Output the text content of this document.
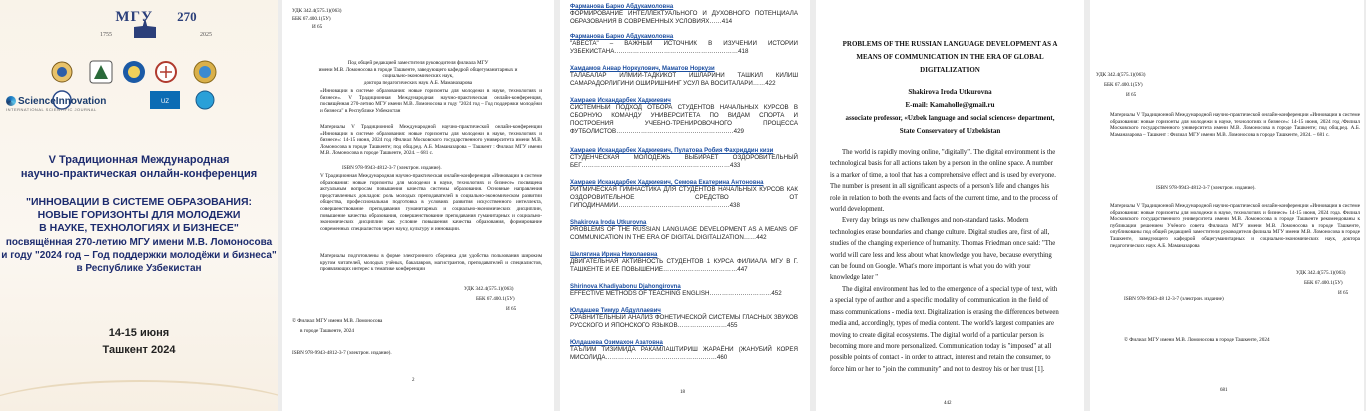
МГУ 270
1755	2025
UZ
ScienceInnovation
INTERNATIONAL SCIENTIFIC JOURNAL
V Традиционная Международная
научно-практическая онлайн-конференция
"ИННОВАЦИИ В СИСТЕМЕ ОБРАЗОВАНИЯ:
НОВЫЕ ГОРИЗОНТЫ ДЛЯ МОЛОДЕЖИ
В НАУКЕ, ТЕХНОЛОГИЯХ И БИЗНЕСЕ"
посвящённая 270-летию МГУ имени М.В. Ломоносова
и году "2024 год – Год поддержки молодёжи и бизнеса"
в Республике Узбекистан
14-15 июня
Ташкент 2024
УДК 342.4(575.1)(063)
ББК 67.400.1(5У)
И 65
Под общей редакцией заместителя руководителя филиала МГУ
имени М.В. Ломоносова в городе Ташкенте, заведующего кафедрой общегуманитарных и
социально-экономических наук,
доктора педагогических наук А.Б. Маманазарова
«Инновации в системе образования: новые горизонты для молодежи в науке, технологиях и бизнесе». V Традиционная Международная научно-практическая онлайн-конференция, посвящённая 270-летию МГУ имени М.В. Ломоносова и году "2024 год – Год поддержки молодёжи и бизнеса" в Республике Узбекистан
Материалы V Традиционной Международной научно-практической онлайн-конференции «Инновации в системе образования: новые горизонты для молодежи в науке, технологиях и бизнесе»: 14-15 июня, 2024 год /Филиал Московского государственного университета имени М.В. Ломоносова в городе Ташкенте; под общ.ред. А.Б. Маманазарова – Ташкент : Филиал МГУ имени М.В. Ломоносова в городе Ташкенте, 2024. – 681 с.
ISBN 978-9943-4812-3-7 (электрон. издание).
V Традиционная Международная научно-практическая онлайн-конференция «Инновации в системе образования: новые горизонты для молодежи в науке, технологиях и бизнесе» посвящена актуальным вопросам повышения качества системы образования. Основные направления представленных докладов: роль молодых преподавателей в социально-экономическом развитии общества, профессиональная подготовка в условиях развития искусственного интеллекта, совершенствование преподавания гуманитарных и социально-экономических дисциплин, повышение качества образования, совершенствование преподавания гуманитарных и социально-экономических дисциплин как условие повышения качества образования, формирование современных специалистов через науку, культуру и инновации.
Материалы подготовлены в форме электронного сборника для удобства пользования широким кругом читателей, молодых учёных, бакалавров, магистрантов, преподавателей и специалистов, проявляющих интерес к тематике конференции
УДК 342.4(575.1)(063)
ББК 67.400.1(5У)
И 65
© Филиал МГУ имени М.В. Ломоносова
в городе Ташкенте, 2024
ISBN 978-9943-4812-3-7 (электрон. издание).
2
Фарманова Барно Абдукамоловна
ФОРМИРОВАНИЕ ИНТЕЛЛЕКТУАЛЬНОГО И ДУХОВНОГО ПОТЕНЦИАЛА ОБРАЗОВАНИЯ В СОВРЕМЕННЫХ УСЛОВИЯХ……414
Фарманова Барно Абдукамоловна
"АВЕСТА" – ВАЖНЫЙ ИСТОЧНИК В ИЗУЧЕНИИ ИСТОРИИ УЗБЕКИСТАНА……………………………………………………418
Хамдамов Анвар Норкулович, Маматов Норкузи
ТАЛАБАЛАР ИЛМИЙ-ТАДКИКОТ ИШЛАРИНИ ТАШКИЛ КИЛИШ САМАРАДОРЛИГИНИ ОШИРИШНИНГ УСУЛ ВА ВОСИТАЛАРИ……422
Хамраев Искандарбек Хаджиевич
СИСТЕМНЫЙ ПОДХОД ОТБОРА СТУДЕНТОВ НАЧАЛЬНЫХ КУРСОВ В СБОРНУЮ КОМАНДУ УНИВЕРСИТЕТА ПО ВИДАМ СПОРТА И ПОСТРОЕНИЯ УЧЕБНО-ТРЕНИРОВОЧНОГО ПРОЦЕССА ФУТБОЛИСТОВ…………………………………………………429
Хамраев Искандарбек Хаджиевич, Пулатова Робия Фахриддин кизи
СТУДЕНЧЕСКАЯ МОЛОДЁЖЬ ВЫБИРАЕТ ОЗДОРОВИТЕЛЬНЫЙ БЕГ………………………………………………………………433
Хамраев Искандарбек Хаджиевич, Семова Екатерина Антоновна
РИТМИЧЕСКАЯ ГИМНАСТИКА ДЛЯ СТУДЕНТОВ НАЧАЛЬНЫХ КУРСОВ КАК ОЗДОРОВИТЕЛЬНОЕ СРЕДСТВО ОТ ГИПОДИНАМИИ………………………………………………438
Shakirova Iroda Utkurovna
PROBLEMS OF THE RUSSIAN LANGUAGE DEVELOPMENT AS A MEANS OF COMMUNICATION IN THE ERA OF DIGITAL DIGITALIZATION……442
Шелягина Ирина Николаевна
ДВИГАТЕЛЬНАЯ АКТИВНОСТЬ СТУДЕНТОВ 1 КУРСА ФИЛИАЛА МГУ В Г. ТАШКЕНТЕ И ЕЕ ПОВЫШЕНИЕ………………………………447
Shirinova Khadiyabonu Djahongirovna
EFFECTIVE METHODS OF TEACHING ENGLISH…………………………452
Юлдашев Тимур Абдуллаевич
СРАВНИТЕЛЬНЫЙ АНАЛИЗ ФОНЕТИЧЕСКОЙ СИСТЕМЫ ГЛАСНЫХ ЗВУКОВ РУССКОГО И ЯПОНСКОГО ЯЗЫКОВ……………………455
Юлдашева Озимахон Азатовна
ТАЪЛИМ ТИЗИМИДА РАКАМЛАШТИРИШ ЖАРАЁНИ (ЖАНУБИЙ КОРЕЯ МИСОЛИДА………………………………………………460
18
PROBLEMS OF THE RUSSIAN LANGUAGE DEVELOPMENT AS A
MEANS OF COMMUNICATION IN THE ERA OF GLOBAL
DIGITALIZATION
Shakirova Iroda Utkurovna
E-mail: Kamaholle@gmail.ru
associate professor, «Uzbek language and social sciences» department,
State Conservatory of Uzbekistan
The world is rapidly moving online, "digitally". The digital environment is the
technological basis for all actions taken by a person in the online space. A number
is a marker of time, a tool that has a comprehensive effect and is used by everyone.
The number is present in all significant aspects of a person's life and changes his
role in relation to both the events and facts of the current time, and to the process of
world development.
Every day brings us new challenges and non-standard tasks. Modern
technologies erase boundaries and change culture. Digital studies are, first of all,
studies of the changing experience of humanity. Thomas Friedman once said: "The
world will care less and less about what knowledge you have, because everything
can be found on Google. What's more important is what you do with your
knowledge later "
The digital environment has led to the emergence of a special type of text, with
a special type of author and a specific modality of communication in the field of
mass communications - media text. Digitalization is erasing the differences between
media and, accordingly, types of media content. The world's largest companies are
moving to create digital ecosystems. The digital world of a particular person is
becoming more and more personalized. Communication today is "imposed" at all
possible points of contact - in order to attract, interest and retain the consumer, to
force him or her to "join the community" and not to destroy his or her trust [1].
442
УДК 342.4(575.1)(063)
ББК 67.400.1(5У)
И 65
Материалы V Традиционной Международной научно-практической онлайн-конференции «Инновации в системе образования: новые горизонты для молодежи в науке, технологиях и бизнесе»: 14-15 июня, 2024 год /Филиал Московского государственного университета имени М.В. Ломоносова в городе Ташкенте; под общ.ред. А.Б. Маманазарова – Ташкент : Филиал МГУ имени М.В. Ломоносова в городе Ташкенте, 2024. – 681 с.
ISBN 978-9943-4812-3-7 (электрон. издание).
Материалы V Традиционной Международной научно-практической онлайн-конференции «Инновации в системе образования: новые горизонты для молодежи в науке, технологиях и бизнесе» 14-15 июня, 2024 года. Филиал Московского государственного университета имени М.В. Ломоносова в городе Ташкенте рекомендованы к публикации решением Учёного совета Филиала МГУ имени М.В. Ломоносова в городе Ташкенте, опубликованы под общей редакцией заместителя руководителя филиала МГУ имени М.В. Ломоносова в городе Ташкенте, заведующего кафедрой общегуманитарных и социально-экономических наук, доктора педагогических наук А.Б. Маманазарова
УДК 342.4(575.1)(063)
ББК 67.400.1(5У)
И 65
ISBN 978-9943-48 12-3-7 (электрон. издание)
© Филиал МГУ имени М.В. Ломоносова в городе Ташкенте, 2024
681
